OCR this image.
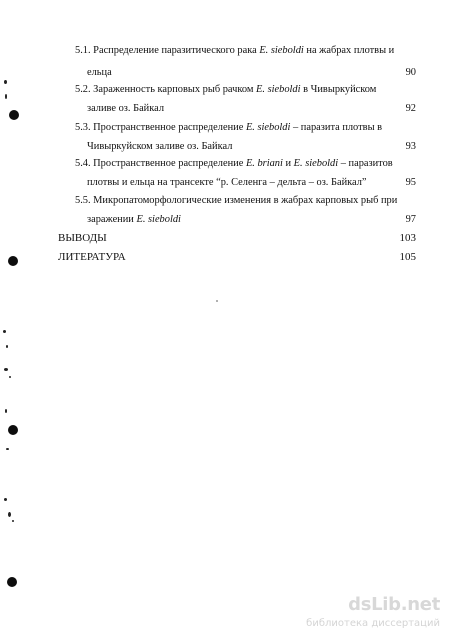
5.1. Распределение паразитического рака E. sieboldi на жабрах плотвы и
ельца	90
5.2. Зараженность карповых рыб рачком E. sieboldi в Чивыркуйском
заливе оз. Байкал	92
5.3. Пространственное распределение E. sieboldi – паразита плотвы в
Чивыркуйском заливе оз. Байкал	93
5.4. Пространственное распределение E. briani и E. sieboldi – паразитов
плотвы и ельца на трансекте “р. Селенга – дельта – оз. Байкал”	95
5.5. Микропатоморфологические изменения в жабрах карповых рыб при
заражении E. sieboldi	97
ВЫВОДЫ	103
ЛИТЕРАТУРА	105
dsLib.net
библиотека диссертаций
